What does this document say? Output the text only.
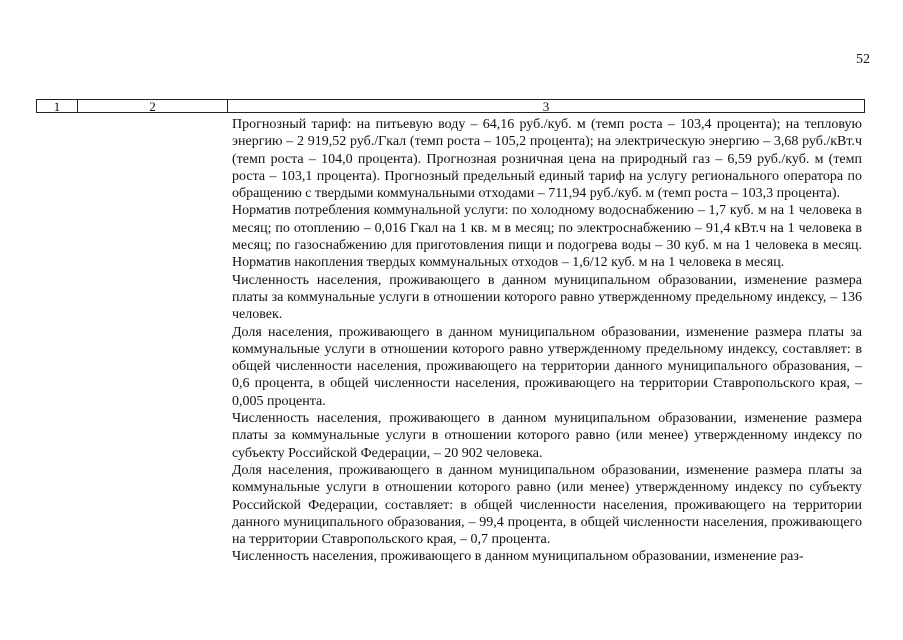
52
1	2	3

Прогнозный тариф: на питьевую воду – 64,16 руб./куб. м (темп роста – 103,4 процента); на тепловую энергию – 2 919,52 руб./Гкал (темп роста – 105,2 процента); на электрическую энергию – 3,68 руб./кВт.ч (темп роста – 104,0 процента). Прогнозная розничная цена на природный газ – 6,59 руб./куб. м (темп роста – 103,1 процента). Прогнозный предельный единый тариф на услугу регионального оператора по обращению с твердыми коммунальными отходами – 711,94 руб./куб. м (темп роста – 103,3 процента).

Норматив потребления коммунальной услуги: по холодному водоснабжению – 1,7 куб. м на 1 человека в месяц; по отоплению – 0,016 Гкал на 1 кв. м в месяц; по электроснабжению – 91,4 кВт.ч на 1 человека в месяц; по газоснабжению для приготовления пищи и подогрева воды – 30 куб. м на 1 человека в месяц. Норматив накопления твердых коммунальных отходов – 1,6/12 куб. м на 1 человека в месяц.

Численность населения, проживающего в данном муниципальном образовании, изменение размера платы за коммунальные услуги в отношении которого равно утвержденному предельному индексу, – 136 человек.

Доля населения, проживающего в данном муниципальном образовании, изменение размера платы за коммунальные услуги в отношении которого равно утвержденному предельному индексу, составляет: в общей численности населения, проживающего на территории данного муниципального образования, – 0,6 процента, в общей численности населения, проживающего на территории Ставропольского края, – 0,005 процента.

Численность населения, проживающего в данном муниципальном образовании, изменение размера платы за коммунальные услуги в отношении которого равно (или менее) утвержденному индексу по субъекту Российской Федерации, – 20 902 человека.

Доля населения, проживающего в данном муниципальном образовании, изменение размера платы за коммунальные услуги в отношении которого равно (или менее) утвержденному индексу по субъекту Российской Федерации, составляет: в общей численности населения, проживающего на территории данного муниципального образования, – 99,4 процента, в общей численности населения, проживающего на территории Ставропольского края, – 0,7 процента.

Численность населения, проживающего в данном муниципальном образовании, изменение раз-
